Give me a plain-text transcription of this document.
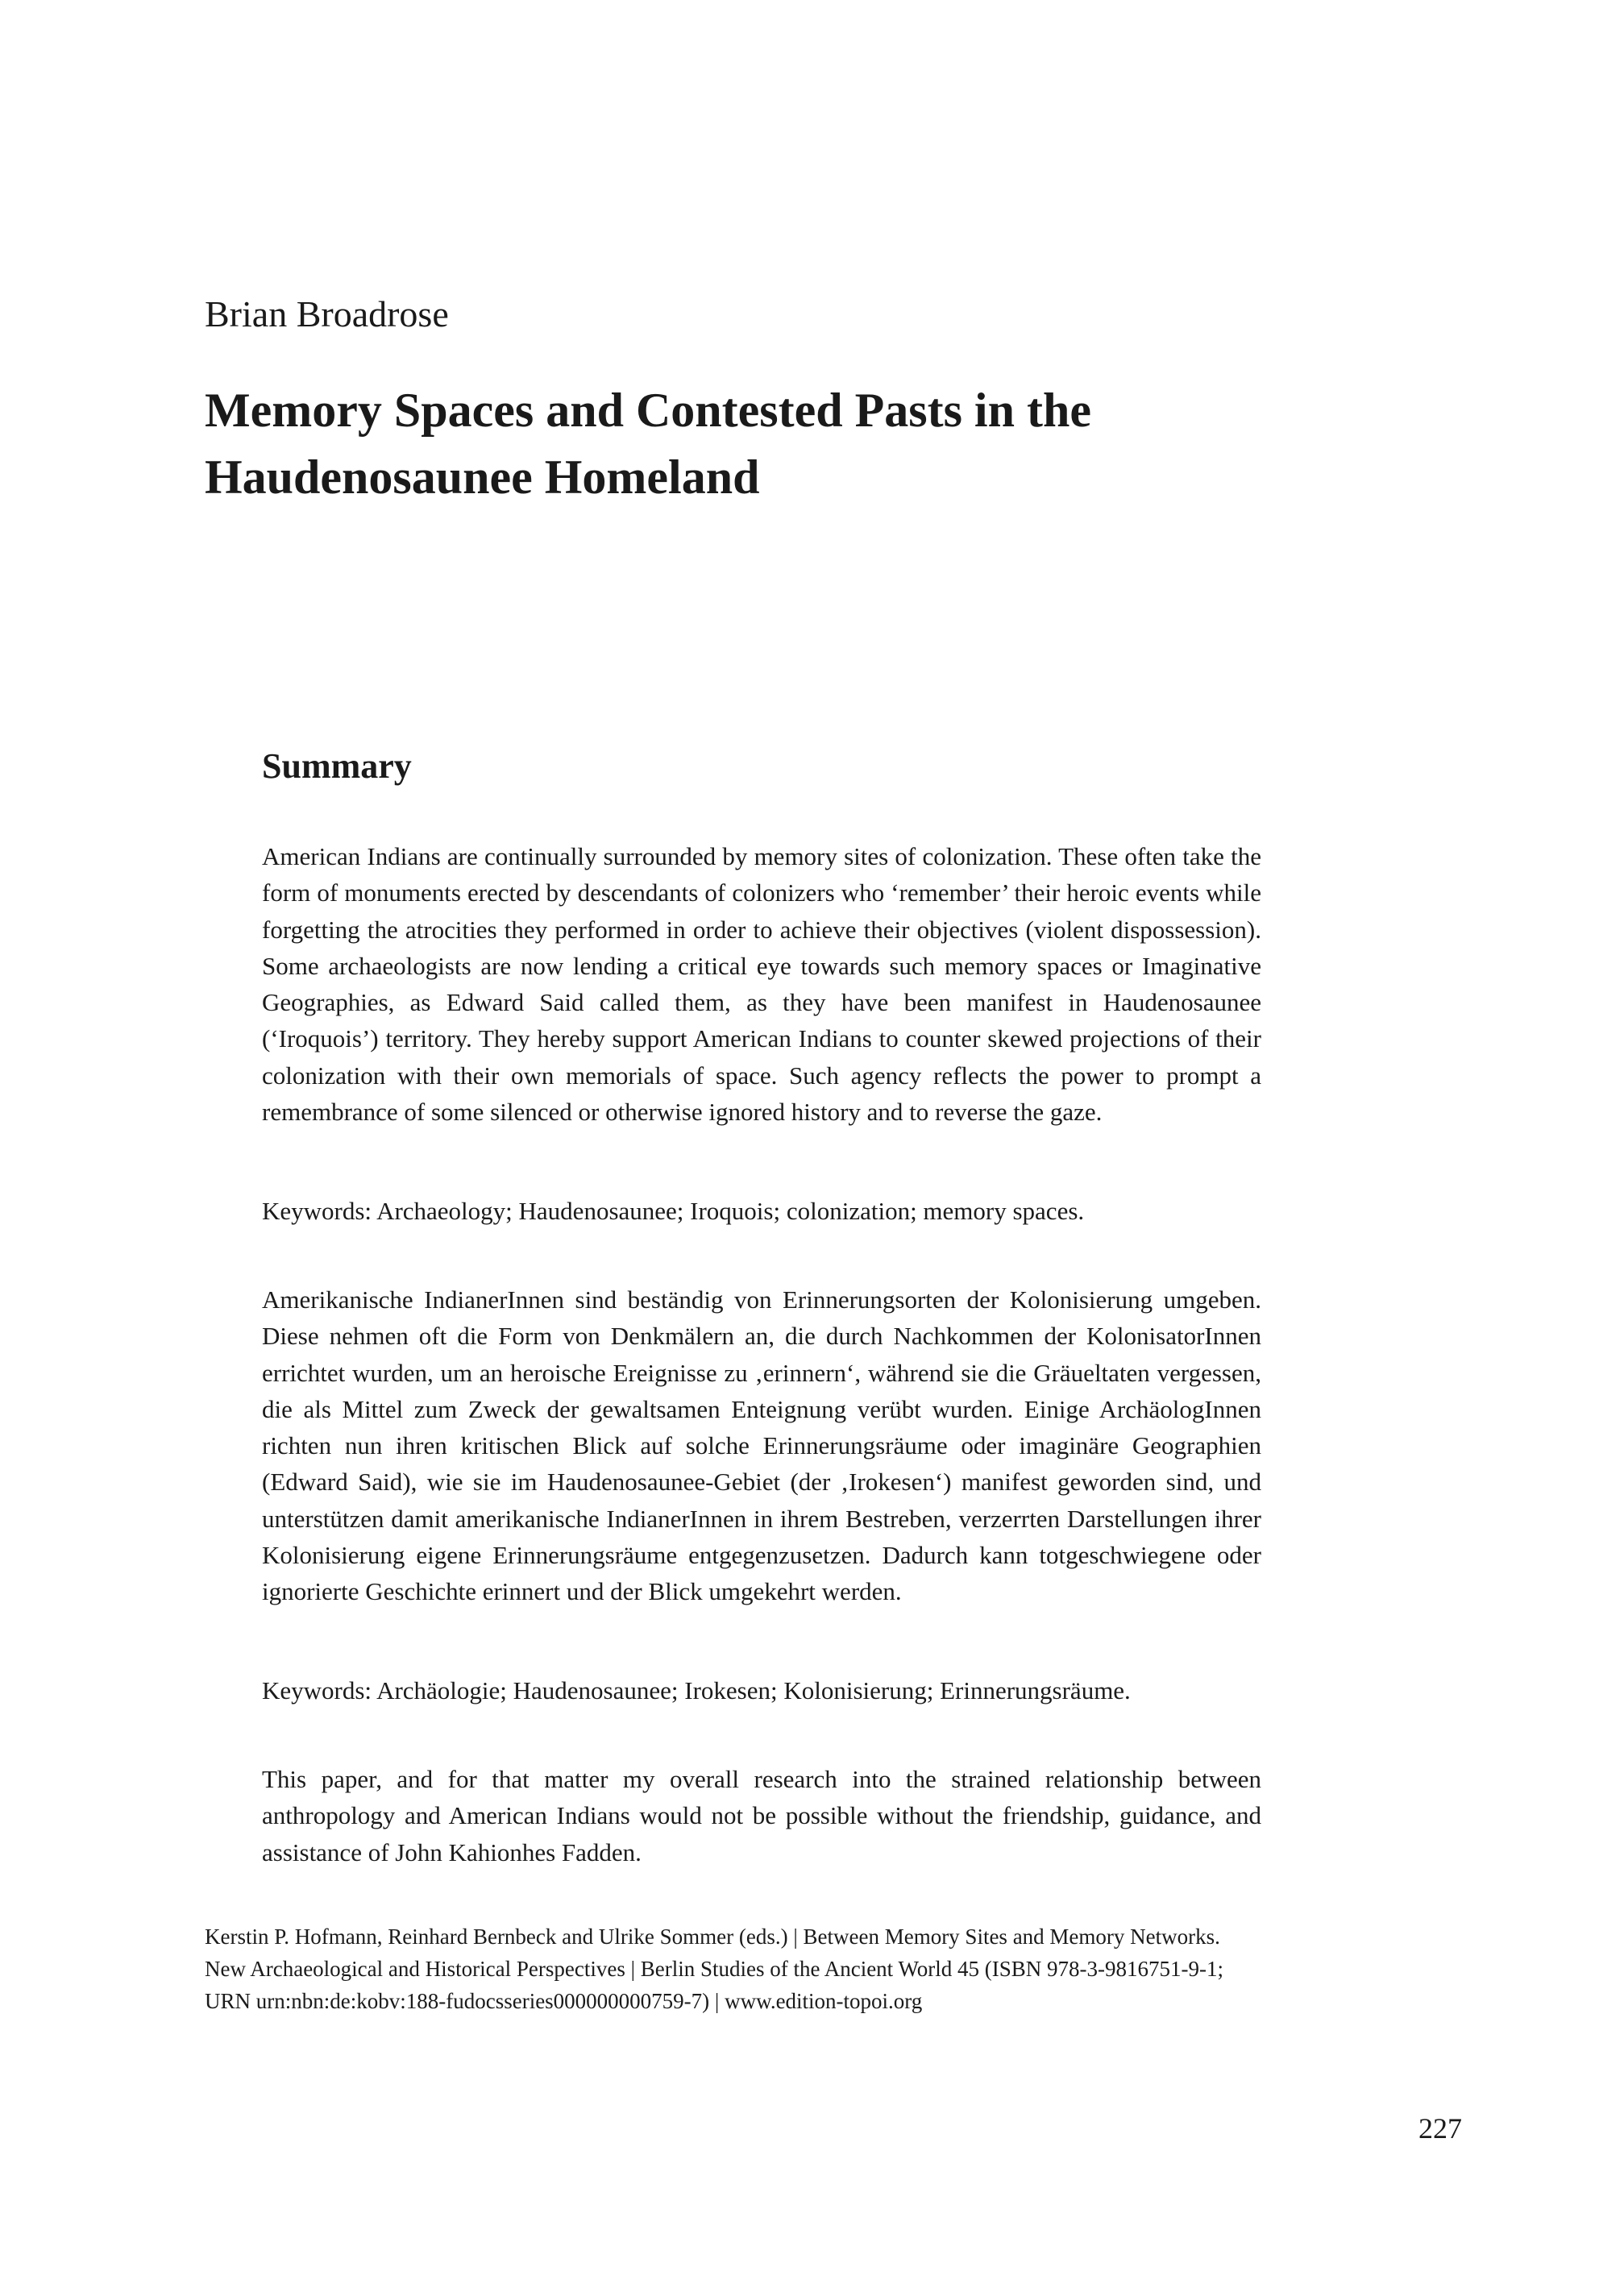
Brian Broadrose
Memory Spaces and Contested Pasts in the Haudenosaunee Homeland
Summary

American Indians are continually surrounded by memory sites of colonization. These often take the form of monuments erected by descendants of colonizers who ‘remember’ their heroic events while forgetting the atrocities they performed in order to achieve their objectives (violent dispossession). Some archaeologists are now lending a critical eye towards such memory spaces or Imaginative Geographies, as Edward Said called them, as they have been manifest in Haudenosaunee (‘Iroquois’) territory. They hereby support American Indians to counter skewed projections of their colonization with their own memorials of space. Such agency reflects the power to prompt a remembrance of some silenced or otherwise ignored history and to reverse the gaze.

Keywords: Archaeology; Haudenosaunee; Iroquois; colonization; memory spaces.

Amerikanische IndianerInnen sind beständig von Erinnerungsorten der Kolonisierung umgeben. Diese nehmen oft die Form von Denkmälern an, die durch Nachkommen der KolonisatorInnen errichtet wurden, um an heroische Ereignisse zu ‚erinnern‘, während sie die Gräueltaten vergessen, die als Mittel zum Zweck der gewaltsamen Enteignung verübt wurden. Einige ArchäologInnen richten nun ihren kritischen Blick auf solche Erinnerungsräume oder imaginäre Geographien (Edward Said), wie sie im Haudenosaunee-Gebiet (der ‚Irokesen‘) manifest geworden sind, und unterstützen damit amerikanische IndianerInnen in ihrem Bestreben, verzerrten Darstellungen ihrer Kolonisierung eigene Erinnerungsräume entgegenzusetzen. Dadurch kann totgeschwiegene oder ignorierte Geschichte erinnert und der Blick umgekehrt werden.

Keywords: Archäologie; Haudenosaunee; Irokesen; Kolonisierung; Erinnerungsräume.

This paper, and for that matter my overall research into the strained relationship between anthropology and American Indians would not be possible without the friendship, guidance, and assistance of John Kahionhes Fadden.

Kerstin P. Hofmann, Reinhard Bernbeck and Ulrike Sommer (eds.) | Between Memory Sites and Memory Networks. New Archaeological and Historical Perspectives | Berlin Studies of the Ancient World 45 (ISBN 978-3-9816751-9-1; URN urn:nbn:de:kobv:188-fudocsseries000000000759-7) | www.edition-topoi.org

227
